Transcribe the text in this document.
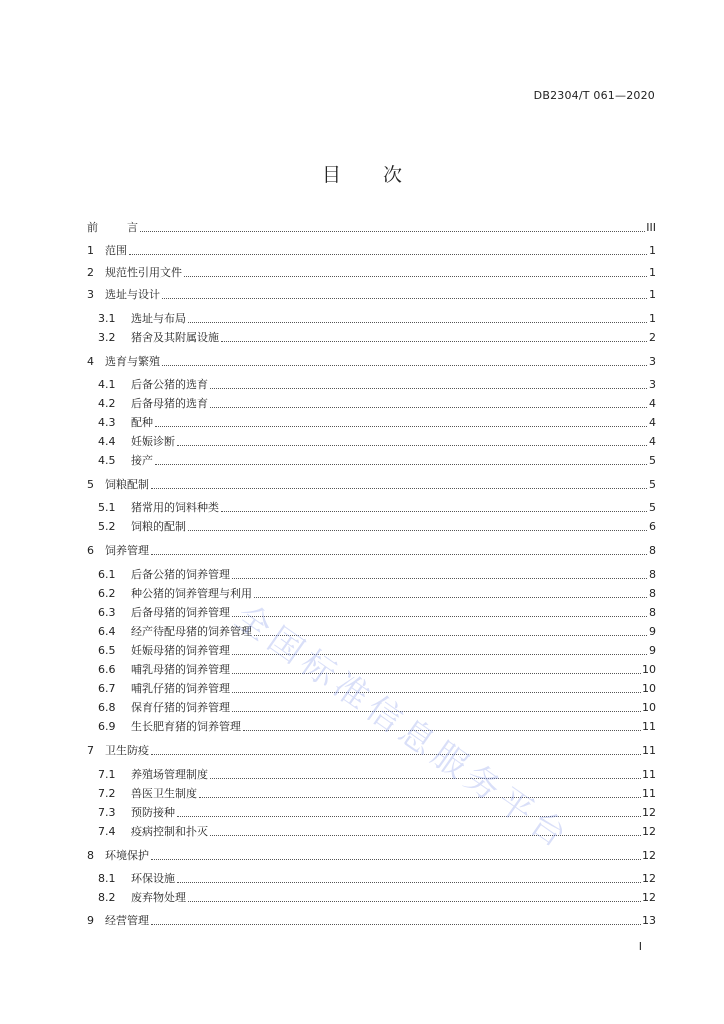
DB2304/T 061—2020
目 次
前	言	III
1	范围	1
2	规范性引用文件	1
3	选址与设计	1
3.1	选址与布局	1
3.2	猪舍及其附属设施	2
4	选育与繁殖	3
4.1	后备公猪的选育	3
4.2	后备母猪的选育	4
4.3	配种	4
4.4	妊娠诊断	4
4.5	接产	5
5	饲粮配制	5
5.1	猪常用的饲料种类	5
5.2	饲粮的配制	6
6	饲养管理	8
6.1	后备公猪的饲养管理	8
6.2	种公猪的饲养管理与利用	8
6.3	后备母猪的饲养管理	8
6.4	经产待配母猪的饲养管理	9
6.5	妊娠母猪的饲养管理	9
6.6	哺乳母猪的饲养管理	10
6.7	哺乳仔猪的饲养管理	10
6.8	保育仔猪的饲养管理	10
6.9	生长肥育猪的饲养管理	11
7	卫生防疫	11
7.1	养殖场管理制度	11
7.2	兽医卫生制度	11
7.3	预防接种	12
7.4	疫病控制和扑灭	12
8	环境保护	12
8.1	环保设施	12
8.2	废弃物处理	12
9	经营管理	13
全国标准信息服务平台
I
